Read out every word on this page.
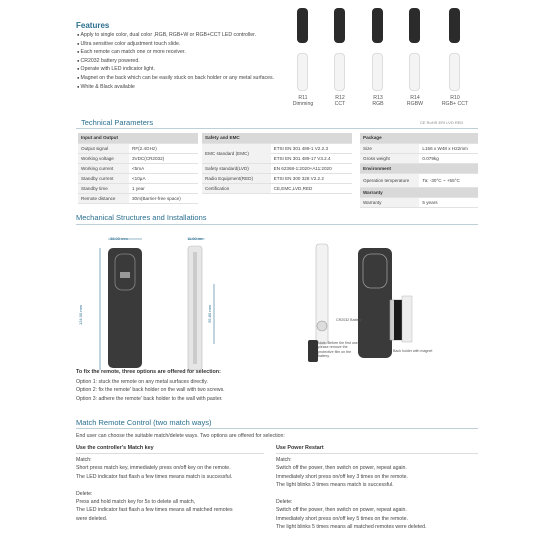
Features
● Apply to single color, dual color ,RGB, RGB+W or RGB+CCT LED controller.
● Ultra sensitive color adjustment touch slide.
● Each remote can match one or more receiver.
● CR2032 battery powered.
● Operate with LED indicator light.
● Magnet on the back which can be easily stuck on back holder or any metal surfaces.
● White & Black available
R11
Dimming
R12
CCT
R13
RGB
R14
RGBW
R10
RGB+ CCT
Technical Parameters	CE RoHS ERI LVD RED
Input and Output	
Output signal	RF(2.4GHz)
Working voltage	3VDC(CR2032)
Working current	<5mA
Standby current	<10μA
Standby time	1 year
Remote distance	30m(Barrier-free space)
Safety and EMC	
EMC standard (EMC)	ETSI EN 301 489-1 V2.2.3
	ETSI EN 301 489-17 V3.2.4
Safety standard(LVD)	EN 62368-1:2020+A11:2020
Radio Equipment(RED)	ETSI EN 300 328 V2.2.2
Certification	CE,EMC,LVD,RED
Package	
Size	L156 x W48 x H22mm
Gross weight	0.079kg
Environment	
Operation temperature	Ta: -30°C ~ +55°C
Warranty	
Warranty	5 years
Mechanical Structures and Installations
38.00 mm	11.00 mm
124.00 mm	55.80 mm	CR2032 Battery
Note: Before the first use, please remove the protective film on the battery.
Back holder with magnet
To fix the remote, three options are offered for selection:
Option 1: stuck the remote on any metal surfaces directly.
Option 2: fix the remote' back holder on the wall with two screws.
Option 3: adhere the remote' back holder to the wall with paster.
Match Remote Control (two match ways)
End user can choose the suitable match/delete ways. Two options are offered for selection:
Use the controller's Match key
Match:
Short press match key, immediately press on/off key on the remote.
The LED indicator fast flash a few times means match is successful.
Delete:
Press and hold match key for 5s to delete all match,
The LED indicator fast flash a few times means all matched remotes
were deleted.
Use Power Restart
Match:
Switch off the power, then switch on power, repeat again.
Immediately short press on/off key 3 times on the remote.
The light blinks 3 times means match is successful.
Delete:
Switch off the power, then switch on power, repeat again.
Immediately short press on/off key 5 times on the remote.
The light blinks 5 times means all matched remotes were deleted.
